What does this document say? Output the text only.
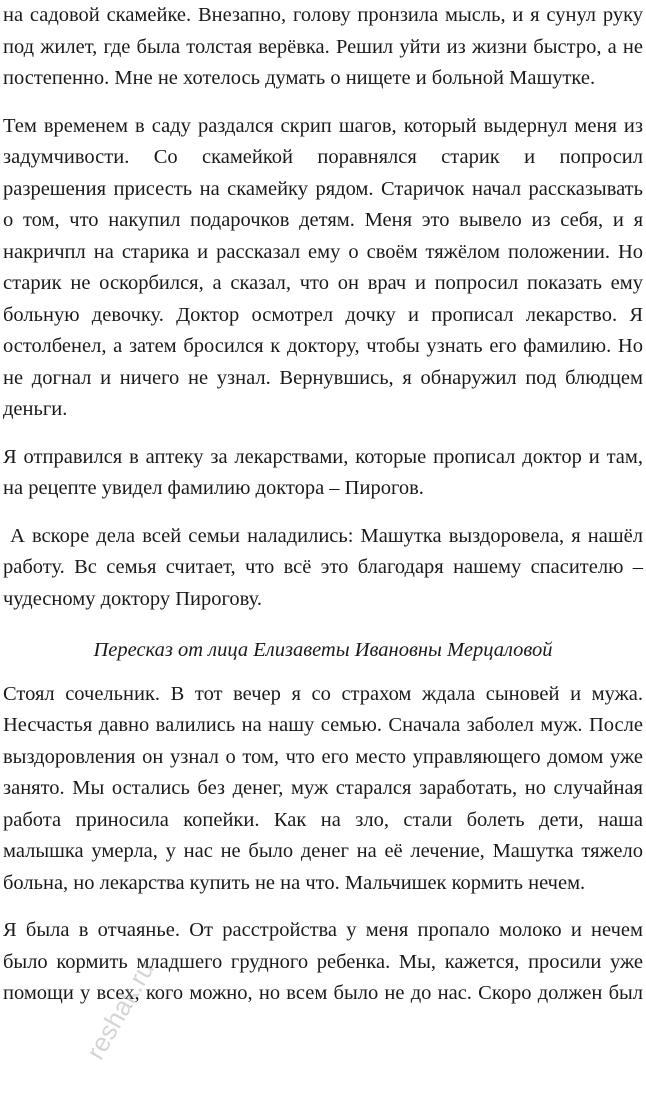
на садовой скамейке. Внезапно, голову пронзила мысль, и я сунул руку
под жилет, где была толстая верёвка. Решил уйти из жизни быстро, а не
постепенно. Мне не хотелось думать о нищете и больной Машутке.
Тем временем в саду раздался скрип шагов, который выдернул меня из
задумчивости. Со скамейкой поравнялся старик и попросил
разрешения присесть на скамейку рядом. Старичок начал рассказывать
о том, что накупил подарочков детям. Меня это вывело из себя, и я
накричпл на старика и рассказал ему о своём тяжёлом положении. Но
старик не оскорбился, а сказал, что он врач и попросил показать ему
больную девочку. Доктор осмотрел дочку и прописал лекарство. Я
остолбенел, а затем бросился к доктору, чтобы узнать его фамилию. Но
не догнал и ничего не узнал. Вернувшись, я обнаружил под блюдцем
деньги.
Я отправился в аптеку за лекарствами, которые прописал доктор и там,
на рецепте увидел фамилию доктора – Пирогов.
А вскоре дела всей семьи наладились: Машутка выздоровела, я нашёл
работу. Вс семья считает, что всё это благодаря нашему спасителю –
чудесному доктору Пирогову.
Пересказ от лица Елизаветы Ивановны Мерцаловой
Стоял сочельник. В тот вечер я со страхом ждала сыновей и мужа.
Несчастья давно валились на нашу семью. Сначала заболел муж. После
выздоровления он узнал о том, что его место управляющего домом уже
занято. Мы остались без денег, муж старался заработать, но случайная
работа приносила копейки. Как на зло, стали болеть дети, наша
малышка умерла, у нас не было денег на её лечение, Машутка тяжело
больна, но лекарства купить не на что. Мальчишек кормить нечем.
Я была в отчаянье. От расстройства у меня пропало молоко и нечем
было кормить младшего грудного ребенка. Мы, кажется, просили уже
помощи у всех, кого можно, но всем было не до нас. Скоро должен был
reshak.ru
